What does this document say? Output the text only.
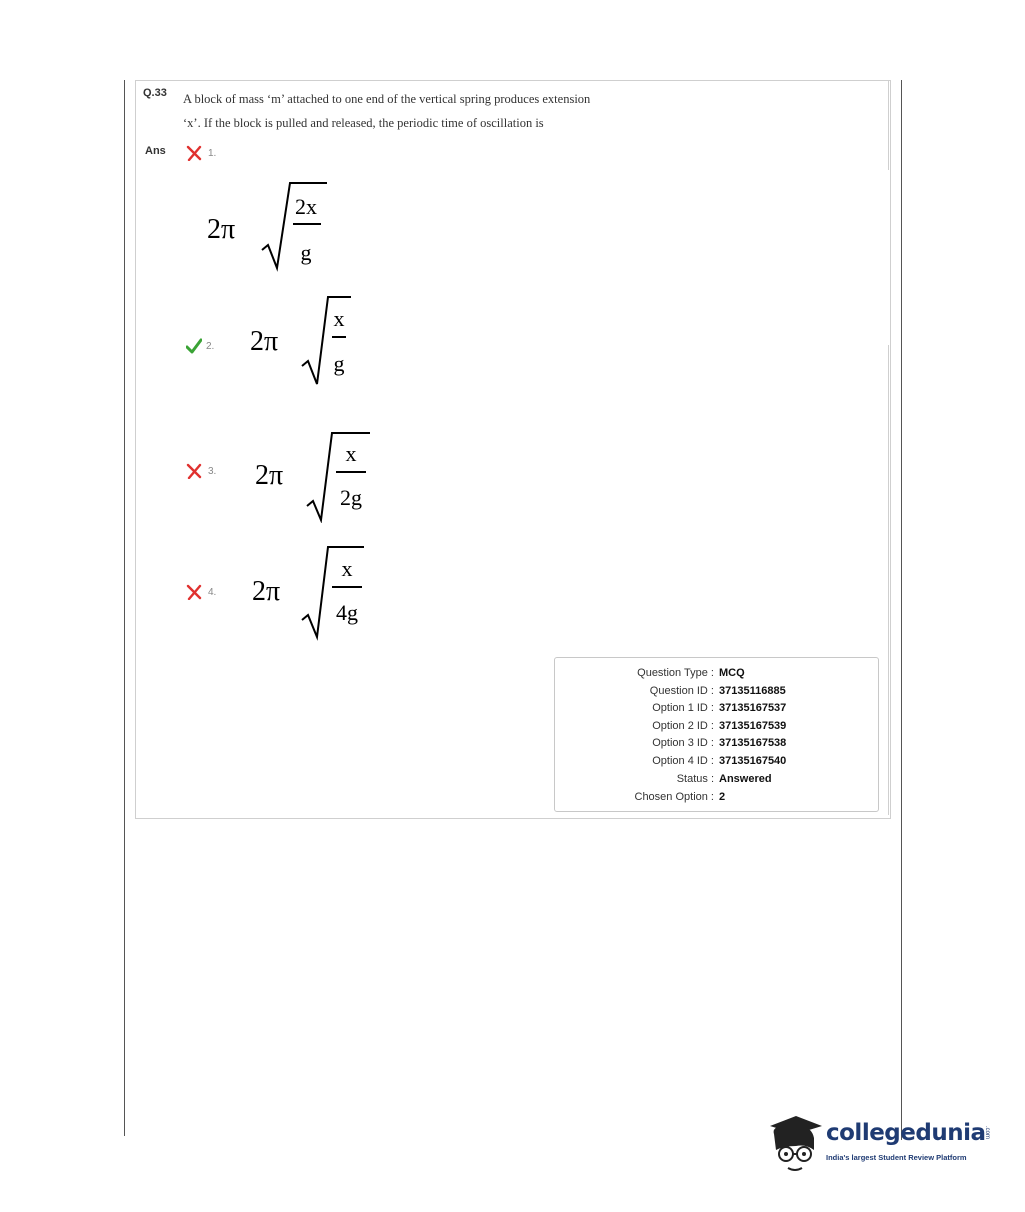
Q.33 A block of mass ‘m’ attached to one end of the vertical spring produces extension
‘x’. If the block is pulled and released, the periodic time of oscillation is
Ans	1.
2π
2x
g
2. 2π
x
g
3. 2π
x
2g
4. 2π
x
4g
Question Type : MCQ
Question ID : 37135116885
Option 1 ID : 37135167537
Option 2 ID : 37135167539
Option 3 ID : 37135167538
Option 4 ID : 37135167540
Status : Answered
Chosen Option : 2
collegedunia
.com
India's largest Student Review Platform
